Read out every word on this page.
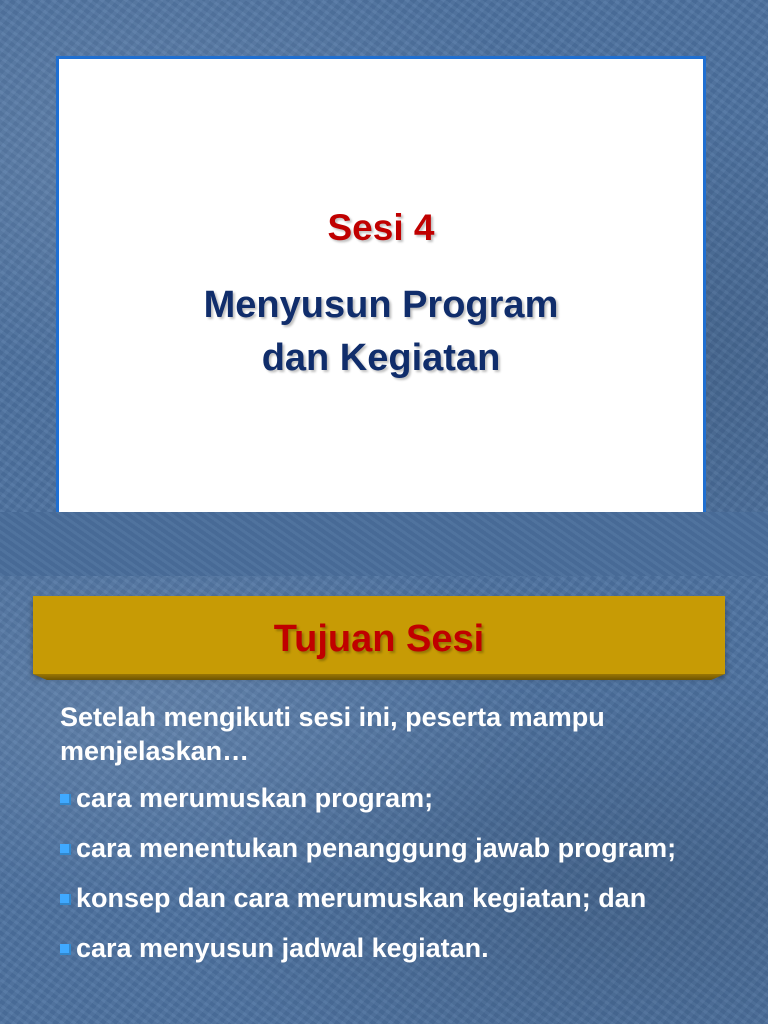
Sesi 4
Menyusun Program
dan Kegiatan
Tujuan Sesi
Setelah mengikuti sesi ini, peserta mampu menjelaskan…
cara merumuskan program;
cara menentukan penanggung jawab program;
konsep dan cara merumuskan kegiatan; dan
cara menyusun jadwal kegiatan.
